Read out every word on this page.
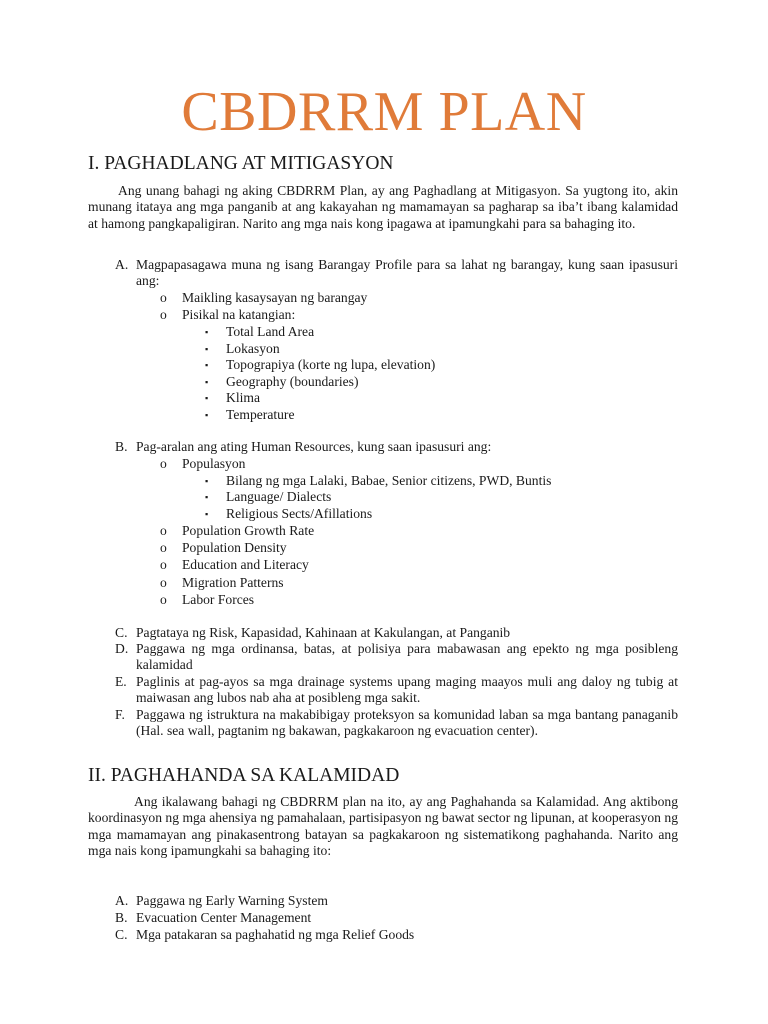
CBDRRM PLAN
I. PAGHADLANG AT MITIGASYON

Ang unang bahagi ng aking CBDRRM Plan, ay ang Paghadlang at Mitigasyon. Sa yugtong ito, akin munang itataya ang mga panganib at ang kakayahan ng mamamayan sa pagharap sa iba’t ibang kalamidad at hamong pangkapaligiran. Narito ang mga nais kong ipagawa at ipamungkahi para sa bahaging ito.

A. Magpapasagawa muna ng isang Barangay Profile para sa lahat ng barangay, kung saan ipasusuri ang:
o Maikling kasaysayan ng barangay
o Pisikal na katangian:
▪ Total Land Area
▪ Lokasyon
▪ Topograpiya (korte ng lupa, elevation)
▪ Geography (boundaries)
▪ Klima
▪ Temperature
B. Pag-aralan ang ating Human Resources, kung saan ipasusuri ang:
o Populasyon
▪ Bilang ng mga Lalaki, Babae, Senior citizens, PWD, Buntis
▪ Language/ Dialects
▪ Religious Sects/Afillations
o Population Growth Rate
o Population Density
o Education and Literacy
o Migration Patterns
o Labor Forces
C. Pagtataya ng Risk, Kapasidad, Kahinaan at Kakulangan, at Panganib
D. Paggawa ng mga ordinansa, batas, at polisiya para mabawasan ang epekto ng mga posibleng kalamidad
E. Paglinis at pag-ayos sa mga drainage systems upang maging maayos muli ang daloy ng tubig at maiwasan ang lubos nab aha at posibleng mga sakit.
F. Paggawa ng istruktura na makabibigay proteksyon sa komunidad laban sa mga bantang panaganib (Hal. sea wall, pagtanim ng bakawan, pagkakaroon ng evacuation center).
II. PAGHAHANDA SA KALAMIDAD

Ang ikalawang bahagi ng CBDRRM plan na ito, ay ang Paghahanda sa Kalamidad. Ang aktibong koordinasyon ng mga ahensiya ng pamahalaan, partisipasyon ng bawat sector ng lipunan, at kooperasyon ng mga mamamayan ang pinakasentrong batayan sa pagkakaroon ng sistematikong paghahanda. Narito ang mga nais kong ipamungkahi sa bahaging ito:

A. Paggawa ng Early Warning System
B. Evacuation Center Management
C. Mga patakaran sa paghahatid ng mga Relief Goods
